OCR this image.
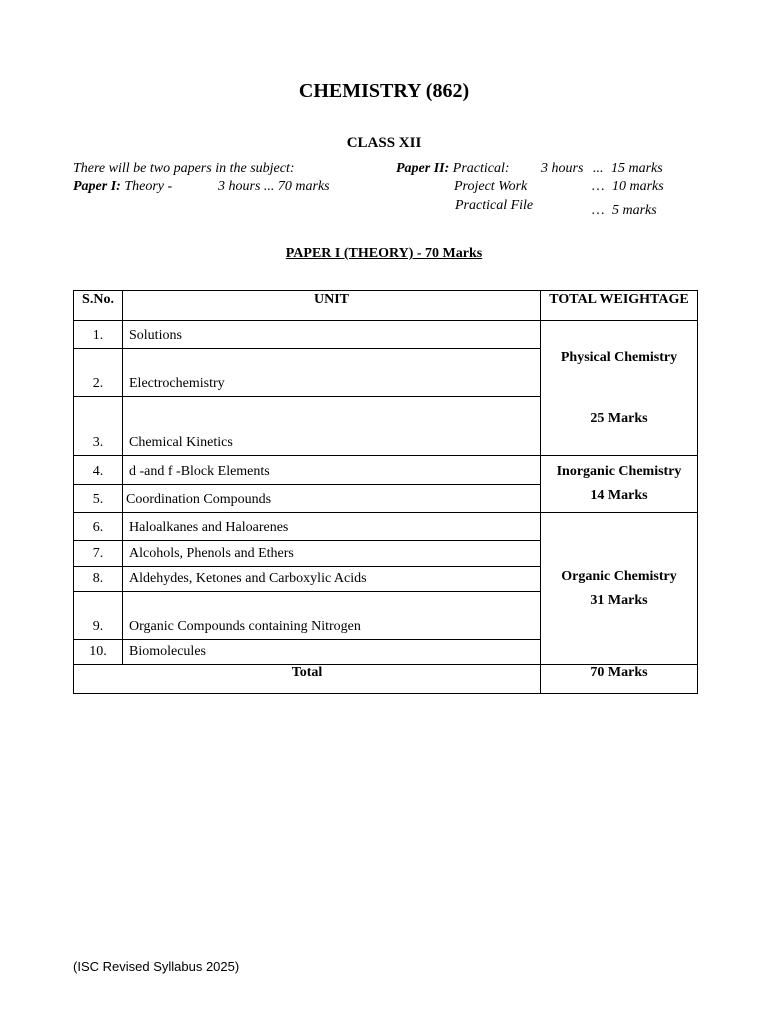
CHEMISTRY (862)
CLASS XII
There will be two papers in the subject:
Paper I: Theory -	3 hours ... 70 marks
Paper II: Practical: 3 hours ... 15 marks
Project Work	… 10 marks
Practical File	… 5 marks
PAPER I (THEORY) - 70 Marks
S.No.	UNIT	TOTAL WEIGHTAGE
1.	Solutions	Physical Chemistry
25 Marks

2.	Electrochemistry	
3.	Chemical Kinetics	
4.	d -and f -Block Elements	Inorganic Chemistry
14 Marks

5.	Coordination Compounds	
6.	Haloalkanes and Haloarenes	Organic Chemistry
31 Marks

7.	Alcohols, Phenols and Ethers	
8.	Aldehydes, Ketones and Carboxylic Acids	
9.	Organic Compounds containing Nitrogen	
10.	Biomolecules	
Total		70 Marks
(ISC Revised Syllabus 2025)
